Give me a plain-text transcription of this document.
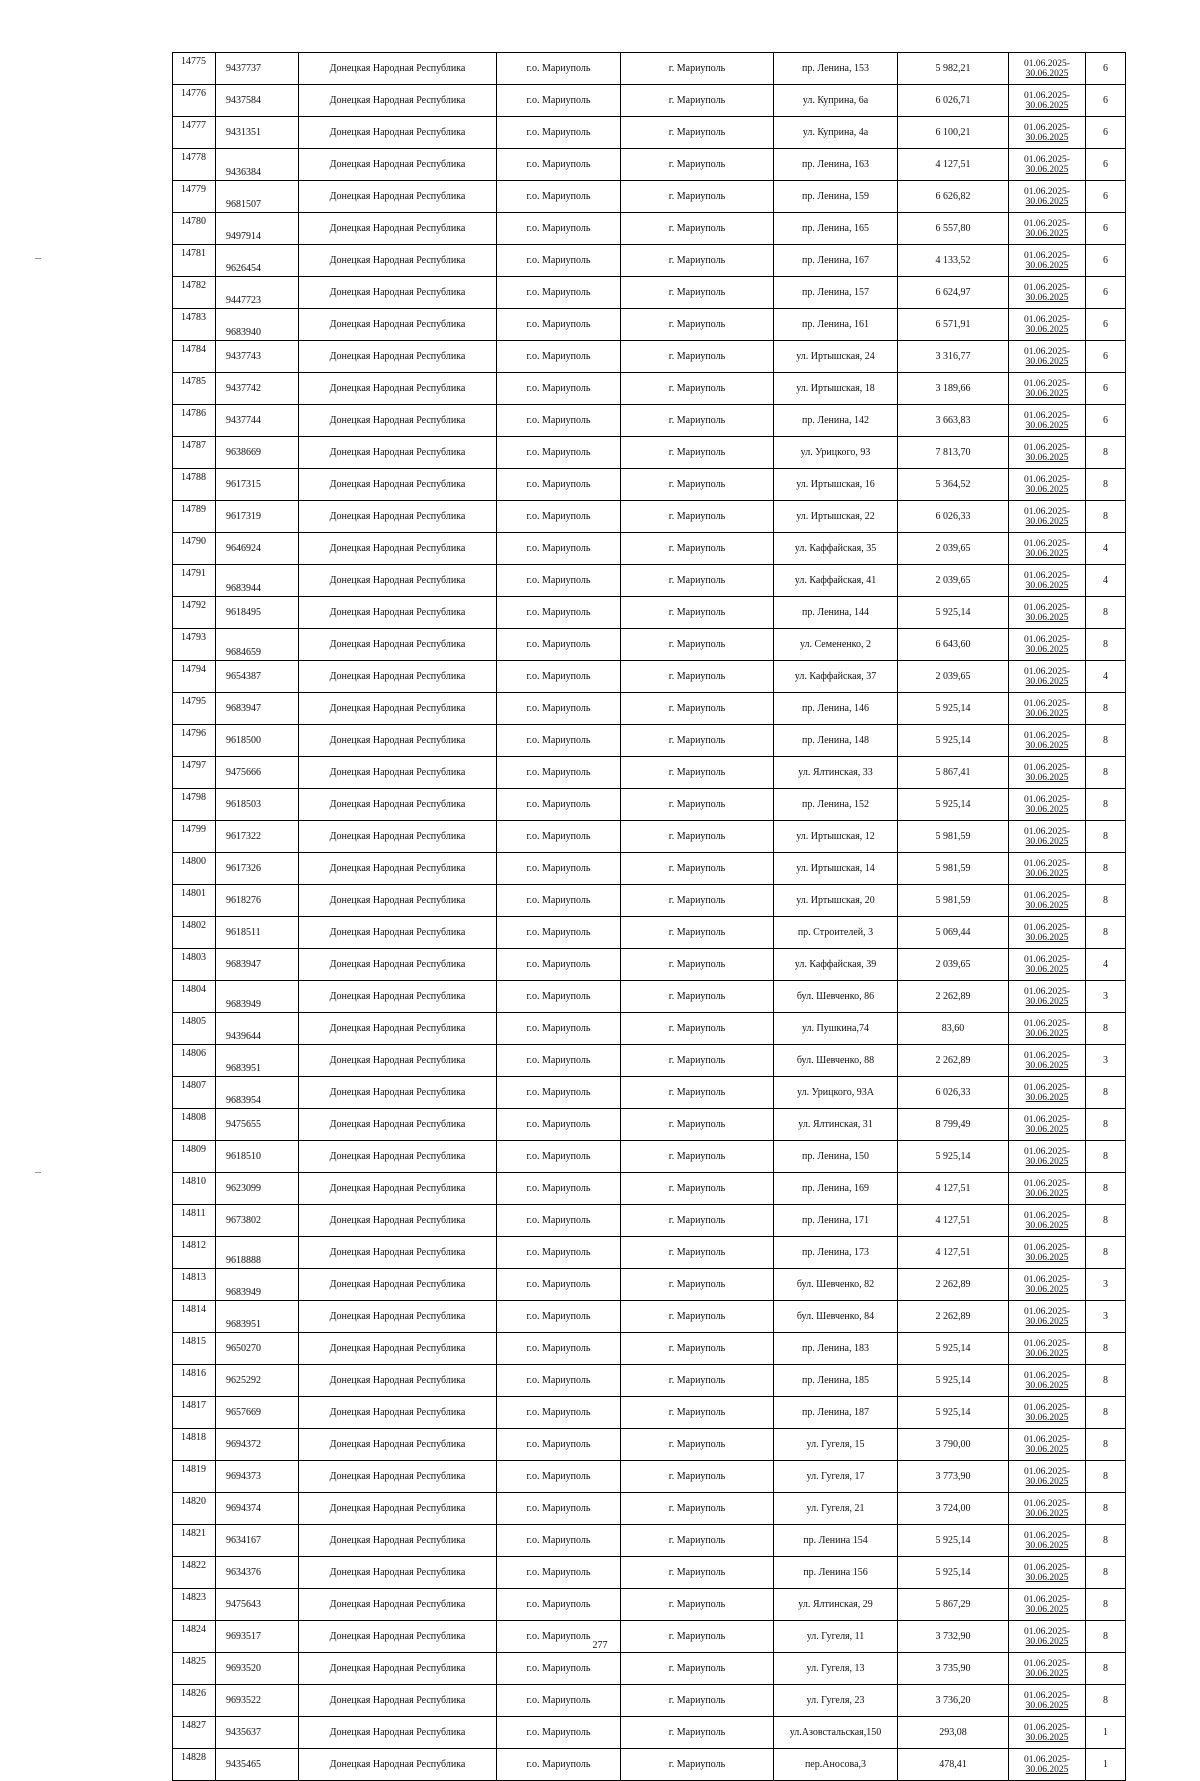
14775	9437737	Донецкая Народная Республика	г.о. Мариуполь	г. Мариуполь	пр. Ленина, 153	5 982,21	01.06.2025-
30.06.2025	6
14776	9437584	Донецкая Народная Республика	г.о. Мариуполь	г. Мариуполь	ул. Куприна, 6а	6 026,71	01.06.2025-
30.06.2025	6
14777	9431351	Донецкая Народная Республика	г.о. Мариуполь	г. Мариуполь	ул. Куприна, 4а	6 100,21	01.06.2025-
30.06.2025	6
14778	9436384	Донецкая Народная Республика	г.о. Мариуполь	г. Мариуполь	пр. Ленина, 163	4 127,51	01.06.2025-
30.06.2025	6
14779	9681507	Донецкая Народная Республика	г.о. Мариуполь	г. Мариуполь	пр. Ленина, 159	6 626,82	01.06.2025-
30.06.2025	6
14780	9497914	Донецкая Народная Республика	г.о. Мариуполь	г. Мариуполь	пр. Ленина, 165	6 557,80	01.06.2025-
30.06.2025	6
14781	9626454	Донецкая Народная Республика	г.о. Мариуполь	г. Мариуполь	пр. Ленина, 167	4 133,52	01.06.2025-
30.06.2025	6
14782	9447723	Донецкая Народная Республика	г.о. Мариуполь	г. Мариуполь	пр. Ленина, 157	6 624,97	01.06.2025-
30.06.2025	6
14783	9683940	Донецкая Народная Республика	г.о. Мариуполь	г. Мариуполь	пр. Ленина, 161	6 571,91	01.06.2025-
30.06.2025	6
14784	9437743	Донецкая Народная Республика	г.о. Мариуполь	г. Мариуполь	ул. Иртышская, 24	3 316,77	01.06.2025-
30.06.2025	6
14785	9437742	Донецкая Народная Республика	г.о. Мариуполь	г. Мариуполь	ул. Иртышская, 18	3 189,66	01.06.2025-
30.06.2025	6
14786	9437744	Донецкая Народная Республика	г.о. Мариуполь	г. Мариуполь	пр. Ленина, 142	3 663,83	01.06.2025-
30.06.2025	6
14787	9638669	Донецкая Народная Республика	г.о. Мариуполь	г. Мариуполь	ул. Урицкого, 93	7 813,70	01.06.2025-
30.06.2025	8
14788	9617315	Донецкая Народная Республика	г.о. Мариуполь	г. Мариуполь	ул. Иртышская, 16	5 364,52	01.06.2025-
30.06.2025	8
14789	9617319	Донецкая Народная Республика	г.о. Мариуполь	г. Мариуполь	ул. Иртышская, 22	6 026,33	01.06.2025-
30.06.2025	8
14790	9646924	Донецкая Народная Республика	г.о. Мариуполь	г. Мариуполь	ул. Каффайская, 35	2 039,65	01.06.2025-
30.06.2025	4
14791	9683944	Донецкая Народная Республика	г.о. Мариуполь	г. Мариуполь	ул. Каффайская, 41	2 039,65	01.06.2025-
30.06.2025	4
14792	9618495	Донецкая Народная Республика	г.о. Мариуполь	г. Мариуполь	пр. Ленина, 144	5 925,14	01.06.2025-
30.06.2025	8
14793	9684659	Донецкая Народная Республика	г.о. Мариуполь	г. Мариуполь	ул. Семененко, 2	6 643,60	01.06.2025-
30.06.2025	8
14794	9654387	Донецкая Народная Республика	г.о. Мариуполь	г. Мариуполь	ул. Каффайская, 37	2 039,65	01.06.2025-
30.06.2025	4
14795	9683947	Донецкая Народная Республика	г.о. Мариуполь	г. Мариуполь	пр. Ленина, 146	5 925,14	01.06.2025-
30.06.2025	8
14796	9618500	Донецкая Народная Республика	г.о. Мариуполь	г. Мариуполь	пр. Ленина, 148	5 925,14	01.06.2025-
30.06.2025	8
14797	9475666	Донецкая Народная Республика	г.о. Мариуполь	г. Мариуполь	ул. Ялтинская, 33	5 867,41	01.06.2025-
30.06.2025	8
14798	9618503	Донецкая Народная Республика	г.о. Мариуполь	г. Мариуполь	пр. Ленина, 152	5 925,14	01.06.2025-
30.06.2025	8
14799	9617322	Донецкая Народная Республика	г.о. Мариуполь	г. Мариуполь	ул. Иртышская, 12	5 981,59	01.06.2025-
30.06.2025	8
14800	9617326	Донецкая Народная Республика	г.о. Мариуполь	г. Мариуполь	ул. Иртышская, 14	5 981,59	01.06.2025-
30.06.2025	8
14801	9618276	Донецкая Народная Республика	г.о. Мариуполь	г. Мариуполь	ул. Иртышская, 20	5 981,59	01.06.2025-
30.06.2025	8
14802	9618511	Донецкая Народная Республика	г.о. Мариуполь	г. Мариуполь	пр. Строителей, 3	5 069,44	01.06.2025-
30.06.2025	8
14803	9683947	Донецкая Народная Республика	г.о. Мариуполь	г. Мариуполь	ул. Каффайская, 39	2 039,65	01.06.2025-
30.06.2025	4
14804	9683949	Донецкая Народная Республика	г.о. Мариуполь	г. Мариуполь	бул. Шевченко, 86	2 262,89	01.06.2025-
30.06.2025	3
14805	9439644	Донецкая Народная Республика	г.о. Мариуполь	г. Мариуполь	ул. Пушкина,74	83,60	01.06.2025-
30.06.2025	8
14806	9683951	Донецкая Народная Республика	г.о. Мариуполь	г. Мариуполь	бул. Шевченко, 88	2 262,89	01.06.2025-
30.06.2025	3
14807	9683954	Донецкая Народная Республика	г.о. Мариуполь	г. Мариуполь	ул. Урицкого, 93А	6 026,33	01.06.2025-
30.06.2025	8
14808	9475655	Донецкая Народная Республика	г.о. Мариуполь	г. Мариуполь	ул. Ялтинская, 31	8 799,49	01.06.2025-
30.06.2025	8
14809	9618510	Донецкая Народная Республика	г.о. Мариуполь	г. Мариуполь	пр. Ленина, 150	5 925,14	01.06.2025-
30.06.2025	8
14810	9623099	Донецкая Народная Республика	г.о. Мариуполь	г. Мариуполь	пр. Ленина, 169	4 127,51	01.06.2025-
30.06.2025	8
14811	9673802	Донецкая Народная Республика	г.о. Мариуполь	г. Мариуполь	пр. Ленина, 171	4 127,51	01.06.2025-
30.06.2025	8
14812	9618888	Донецкая Народная Республика	г.о. Мариуполь	г. Мариуполь	пр. Ленина, 173	4 127,51	01.06.2025-
30.06.2025	8
14813	9683949	Донецкая Народная Республика	г.о. Мариуполь	г. Мариуполь	бул. Шевченко, 82	2 262,89	01.06.2025-
30.06.2025	3
14814	9683951	Донецкая Народная Республика	г.о. Мариуполь	г. Мариуполь	бул. Шевченко, 84	2 262,89	01.06.2025-
30.06.2025	3
14815	9650270	Донецкая Народная Республика	г.о. Мариуполь	г. Мариуполь	пр. Ленина, 183	5 925,14	01.06.2025-
30.06.2025	8
14816	9625292	Донецкая Народная Республика	г.о. Мариуполь	г. Мариуполь	пр. Ленина, 185	5 925,14	01.06.2025-
30.06.2025	8
14817	9657669	Донецкая Народная Республика	г.о. Мариуполь	г. Мариуполь	пр. Ленина, 187	5 925,14	01.06.2025-
30.06.2025	8
14818	9694372	Донецкая Народная Республика	г.о. Мариуполь	г. Мариуполь	ул. Гугеля, 15	3 790,00	01.06.2025-
30.06.2025	8
14819	9694373	Донецкая Народная Республика	г.о. Мариуполь	г. Мариуполь	ул. Гугеля, 17	3 773,90	01.06.2025-
30.06.2025	8
14820	9694374	Донецкая Народная Республика	г.о. Мариуполь	г. Мариуполь	ул. Гугеля, 21	3 724,00	01.06.2025-
30.06.2025	8
14821	9634167	Донецкая Народная Республика	г.о. Мариуполь	г. Мариуполь	пр. Ленина 154	5 925,14	01.06.2025-
30.06.2025	8
14822	9634376	Донецкая Народная Республика	г.о. Мариуполь	г. Мариуполь	пр. Ленина 156	5 925,14	01.06.2025-
30.06.2025	8
14823	9475643	Донецкая Народная Республика	г.о. Мариуполь	г. Мариуполь	ул. Ялтинская, 29	5 867,29	01.06.2025-
30.06.2025	8
14824	9693517	Донецкая Народная Республика	г.о. Мариуполь	г. Мариуполь	ул. Гугеля, 11	3 732,90	01.06.2025-
30.06.2025	8
14825	9693520	Донецкая Народная Республика	г.о. Мариуполь	г. Мариуполь	ул. Гугеля, 13	3 735,90	01.06.2025-
30.06.2025	8
14826	9693522	Донецкая Народная Республика	г.о. Мариуполь	г. Мариуполь	ул. Гугеля, 23	3 736,20	01.06.2025-
30.06.2025	8
14827	9435637	Донецкая Народная Республика	г.о. Мариуполь	г. Мариуполь	ул.Азовстальская,150	293,08	01.06.2025-
30.06.2025	1
14828	9435465	Донецкая Народная Республика	г.о. Мариуполь	г. Мариуполь	пер.Аносова,3	478,41	01.06.2025-
30.06.2025	1
277
